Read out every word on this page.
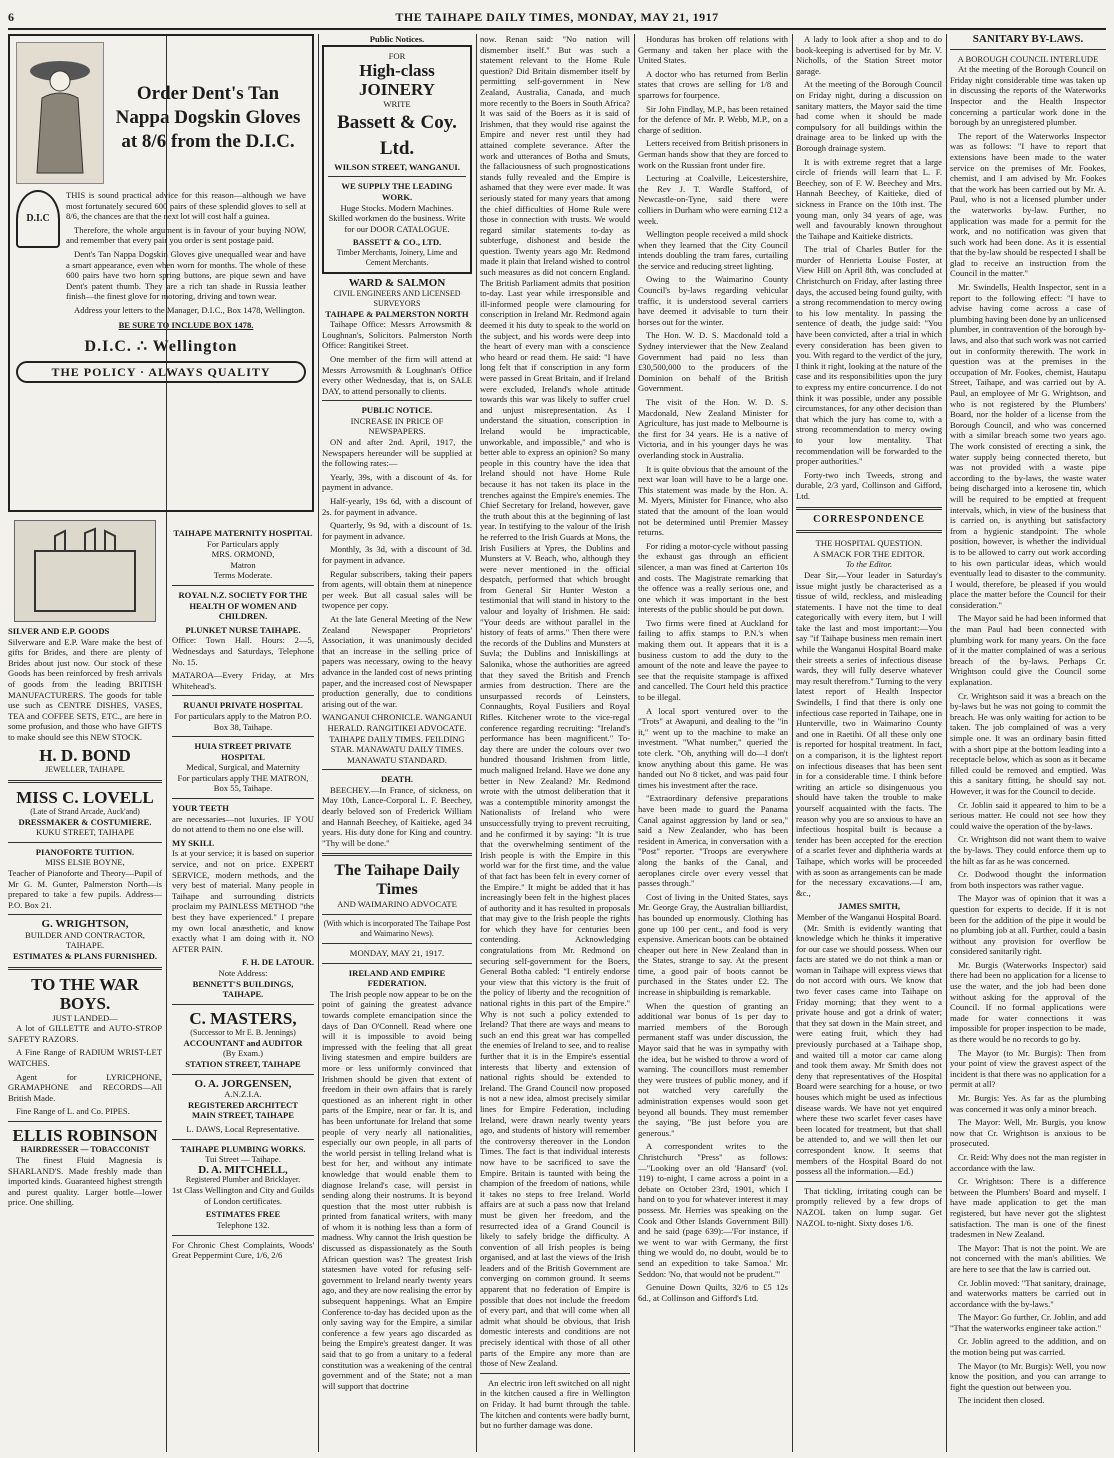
6	THE TAIHAPE DAILY TIMES, MONDAY, MAY 21, 1917
Order Dent's Tan Nappa Dogskin Gloves at 8/6 from the D.I.C.
D.I.C

THIS is sound practical advice for this reason—although we have most fortunately secured 600 pairs of these splendid gloves to sell at 8/6, the chances are that the next lot will cost half a guinea.

Therefore, the whole argument is in favour of your buying NOW, and remember that every pair you order is sent postage paid.

Dent's Tan Nappa Dogskin Gloves give unequalled wear and have a smart appearance, even when worn for months. The whole of these 600 pairs have two horn spring buttons, are pique sewn and have Dent's patent thumb. They are a rich tan shade in Russia leather finish—the finest glove for motoring, driving and town wear.

Address your letters to the Manager, D.I.C., Box 1478, Wellington.

BE SURE TO INCLUDE BOX 1478.
D.I.C. ∴ Wellington
THE POLICY · ALWAYS QUALITY
SILVER AND E.P. GOODS

Silverware and E.P. Ware make the best of gifts for Brides, and there are plenty of Brides about just now. Our stock of these Goods has been reinforced by fresh arrivals of goods from the leading BRITISH MANUFACTURERS. The goods for table use such as CENTRE DISHES, VASES, TEA and COFFEE SETS, ETC., are here in some profusion, and those who have GIFTS to make should see this NEW STOCK.

H. D. BOND
JEWELLER, TAIHAPE.
MISS C. LOVELL
(Late of Strand Arcade, Auck'and)
DRESSMAKER & COSTUMIERE.
KUKU STREET, TAIHAPE
PIANOFORTE TUITION.
MISS ELSIE BOYNE,

Teacher of Pianoforte and Theory—Pupil of Mr G. M. Gunter, Palmerston North—is prepared to take a few pupils. Address—P.O. Box 21.

G. WRIGHTSON,
BUILDER AND CONTRACTOR, TAIHAPE.
ESTIMATES & PLANS FURNISHED.
TO THE WAR BOYS.
JUST LANDED—

A lot of GILLETTE and AUTO-STROP SAFETY RAZORS.

A Fine Range of RADIUM WRIST-LET WATCHES.

Agent for LYRICPHONE, GRAMAPHONE and RECORDS—All British Made.

Fine Range of L. and Co. PIPES.

ELLIS ROBINSON
HAIRDRESSER — TOBACCONIST

The finest Fluid Magnesia is SHARLAND'S. Made freshly made than imported kinds. Guaranteed highest strength and purest quality. Larger bottle—lower price. One shilling.

TAIHAPE MATERNITY HOSPITAL
For Particulars apply
MRS. ORMOND,
Matron
Terms Moderate.
ROYAL N.Z. SOCIETY FOR THE HEALTH OF WOMEN AND CHILDREN.
PLUNKET NURSE TAIHAPE.

Office: Town Hall. Hours: 2—5, Wednesdays and Saturdays, Telephone No. 15.

MATAROA—Every Friday, at Mrs Whitehead's.

RUANUI PRIVATE HOSPITAL

For particulars apply to the Matron P.O. Box 38, Taihape.

HUIA STREET PRIVATE HOSPITAL
Medical, Surgical, and Maternity

For particulars apply THE MATRON, Box 55, Taihape.

YOUR TEETH

are necessaries—not luxuries. IF YOU do not attend to them no one else will.

MY SKILL

Is at your service; it is based on superior service, and not on price. EXPERT SERVICE, modern methods, and the very best of material. Many people in Taihape and surrounding districts proclaim my PAINLESS METHOD "the best they have experienced." I prepare my own local anæsthetic, and know exactly what I am doing with it. NO AFTER PAIN.

F. H. DE LATOUR.
Note Address:
BENNETT'S BUILDINGS, TAIHAPE.
C. MASTERS,
(Successor to Mr E. B. Jennings)
ACCOUNTANT and AUDITOR
(By Exam.)
STATION STREET, TAIHAPE
O. A. JORGENSEN,
A.N.Z.I.A.
REGISTERED ARCHITECT
MAIN STREET, TAIHAPE
L. DAWS, Local Representative.
TAIHAPE PLUMBING WORKS.
Tui Street — Taihape.
D. A. MITCHELL,
Registered Plumber and Bricklayer.

1st Class Wellington and City and Guilds of London certificates.

ESTIMATES FREE
Telephone 132.

For Chronic Chest Complaints, Woods' Great Peppermint Cure, 1/6, 2/6

Public Notices.
FOR
High-class JOINERY
WRITE
Bassett & Coy. Ltd.
WILSON STREET, WANGANUI.
WE SUPPLY THE LEADING WORK.

Huge Stocks. Modern Machines. Skilled workmen do the business. Write for our DOOR CATALOGUE.

BASSETT & CO., LTD.
Timber Merchants, Joinery, Lime and Cement Merchants.
WARD & SALMON
CIVIL ENGINEERS AND LICENSED SURVEYORS
TAIHAPE & PALMERSTON NORTH

Taihape Office: Messrs Arrowsmith & Loughnan's, Solicitors. Palmerston North Office: Rangitikei Street.

One member of the firm will attend at Messrs Arrowsmith & Loughnan's Office every other Wednesday, that is, on SALE DAY, to attend personally to clients.

PUBLIC NOTICE.
INCREASE IN PRICE OF NEWSPAPERS.

ON and after 2nd. April, 1917, the Newspapers hereunder will be supplied at the following rates:—

Yearly, 39s, with a discount of 4s. for payment in advance.

Half-yearly, 19s 6d, with a discount of 2s. for payment in advance.

Quarterly, 9s 9d, with a discount of 1s. for payment in advance.

Monthly, 3s 3d, with a discount of 3d. for payment in advance.

Regular subscribers, taking their papers from agents, will obtain them at ninepence per week. But all casual sales will be twopence per copy.

At the late General Meeting of the New Zealand Newspaper Proprietors' Association, it was unanimously decided that an increase in the selling price of papers was necessary, owing to the heavy advance in the landed cost of news printing paper, and the increased cost of Newspaper production generally, due to conditions arising out of the war.

WANGANUI CHRONICLE. WANGANUI HERALD. RANGITIKEI ADVOCATE. TAIHAPE DAILY TIMES. FEILDING STAR. MANAWATU DAILY TIMES. MANAWATU STANDARD.

DEATH.

BEECHEY.—In France, of sickness, on May 10th, Lance-Corporal L. F. Beechey, dearly beloved son of Frederick William and Hannah Beechey, of Kaitieke, aged 34 years. His duty done for King and country. "Thy will be done."

The Taihape Daily Times
AND WAIMARINO ADVOCATE
(With which is incorporated The Taihape Post and Waimarino News).
MONDAY, MAY 21, 1917.
IRELAND AND EMPIRE FEDERATION.

The Irish people now appear to be on the point of gaining the greatest advance towards complete emancipation since the days of Dan O'Connell. Read where one will it is impossible to avoid being impressed with the feeling that all great living statesmen and empire builders are more or less uniformly convinced that Irishmen should be given that extent of freedom in their own affairs that is rarely questioned as an inherent right in other parts of the Empire, near or far. It is, and has been unfortunate for Ireland that some people of very nearly all nationalities, especially our own people, in all parts of the world persist in telling Ireland what is best for her, and without any intimate knowledge that would enable them to diagnose Ireland's case, will persist in sending along their nostrums. It is beyond question that the most utter rubbish is printed from fanatical writers, with many of whom it is nothing less than a form of madness. Why cannot the Irish question be discussed as dispassionately as the South African question was? The greatest Irish statesmen have voted for refusing self-government to Ireland nearly twenty years ago, and they are now realising the error by subsequent happenings. What an Empire Conference to-day has decided upon as the only saving way for the Empire, a similar conference a few years ago discarded as being the Empire's greatest danger. It was said that to go from a unitary to a federal constitution was a weakening of the central government and of the State; not a man will support that doctrine

now. Renan said: "No nation will dismember itself." But was such a statement relevant to the Home Rule question? Did Britain dismember itself by permitting self-government in New Zealand, Australia, Canada, and much more recently to the Boers in South Africa? It was said of the Boers as it is said of Irishmen, that they would rise against the Empire and never rest until they had attained complete severance. After the work and utterances of Botha and Smuts, the fallaciousness of such prognostications stands fully revealed and the Empire is ashamed that they were ever made. It was seriously stated for many years that among the chief difficulties of Home Rule were those in connection with trusts. We would regard similar statements to-day as subterfuge, dishonest and beside the question. Twenty years ago Mr. Redmond made it plain that Ireland wished to control such measures as did not concern England. The British Parliament admits that position to-day. Last year while irresponsible and ill-informed people were clamouring for conscription in Ireland Mr. Redmond again deemed it his duty to speak to the world on the subject, and his words were deep into the heart of every man with a conscience who heard or read them. He said: "I have long felt that if conscription in any form were passed in Great Britain, and if Ireland were excluded, Ireland's whole attitude towards this war was likely to suffer cruel and unjust misrepresentation. As I understand the situation, conscription in Ireland would be impracticable, unworkable, and impossible," and who is better able to express an opinion? So many people in this country have the idea that Ireland should not have Home Rule because it has not taken its place in the trenches against the Empire's enemies. The Chief Secretary for Ireland, however, gave the truth about this at the beginning of last year. In testifying to the valour of the Irish he referred to the Irish Guards at Mons, the Irish Fusiliers at Ypres, the Dublins and Munsters at V. Beach, who, although they were never mentioned in the official despatch, performed that which brought from General Sir Hunter Weston a testimonial that will stand in history to the valour and loyalty of Irishmen. He said: "Your deeds are without parallel in the history of feats of arms." Then there were the records of the Dublins and Munsters at Suvla; the Dublins and Inniskillings at Salonika, whose the authorities are agreed that they saved the British and French armies from destruction. There are the unsurpassed records of Leinsters, Connaughts, Royal Fusiliers and Royal Rifles. Kitchener wrote to the vice-regal conference regarding recruiting: "Ireland's performance has been magnificent." To-day there are under the colours over two hundred thousand Irishmen from little, much maligned Ireland. Have we done any better in New Zealand? Mr. Redmond wrote with the utmost deliberation that it was a contemptible minority amongst the Nationalists of Ireland who were unsuccessfully trying to prevent recruiting, and he confirmed it by saying: "It is true that the overwhelming sentiment of the Irish people is with the Empire in this world war for the first time, and the value of that fact has been felt in every corner of the Empire." It might be added that it has increasingly been felt in the highest places of authority and it has resulted in proposals that may give to the Irish people the rights for which they have for centuries been contending. Acknowledging congratulations from Mr. Redmond on securing self-government for the Boers, General Botha cabled: "I entirely endorse your view that this victory is the fruit of the policy of liberty and the recognition of national rights in this part of the Empire." Why is not such a policy extended to Ireland? That there are ways and means to such an end this great war has compelled the enemies of Ireland to see, and to realise further that it is in the Empire's essential interests that liberty and extension of national rights should be extended to Ireland. The Grand Council now proposed is not a new idea, almost precisely similar lines for Empire Federation, including Ireland, were drawn nearly twenty years ago, and students of history will remember the controversy thereover in the London Times. The fact is that individual interests now have to be sacrificed to save the Empire. Britain is taunted with being the champion of the freedom of nations, while it takes no steps to free Ireland. World affairs are at such a pass now that Ireland must be given her freedom, and the resurrected idea of a Grand Council is likely to safely bridge the difficulty. A convention of all Irish peoples is being organised, and at last the views of the Irish leaders and of the British Government are converging on common ground. It seems apparent that no federation of Empire is possible that does not include the freedom of every part, and that will come when all admit what should be obvious, that Irish domestic interests and conditions are not precisely identical with those of all other parts of the Empire any more than are those of New Zealand.

An electric iron left switched on all night in the kitchen caused a fire in Wellington on Friday. It had burnt through the table. The kitchen and contents were badly burnt, but no further damage was done.

Honduras has broken off relations with Germany and taken her place with the United States.

A doctor who has returned from Berlin states that crows are selling for 1/8 and sparrows for fourpence.

Sir John Findlay, M.P., has been retained for the defence of Mr. P. Webb, M.P., on a charge of sedition.

Letters received from British prisoners in German hands show that they are forced to work on the Russian front under fire.

Lecturing at Coalville, Leicestershire, the Rev J. T. Wardle Stafford, of Newcastle-on-Tyne, said there were colliers in Durham who were earning £12 a week.

Wellington people received a mild shock when they learned that the City Council intends doubling the tram fares, curtailing the service and reducing street lighting.

Owing to the Waimarino County Council's by-laws regarding vehicular traffic, it is understood several carriers have deemed it advisable to turn their horses out for the winter.

The Hon. W. D. S. Macdonald told a Sydney interviewer that the New Zealand Government had paid no less than £30,500,000 to the producers of the Dominion on behalf of the British Government.

The visit of the Hon. W. D. S. Macdonald, New Zealand Minister for Agriculture, has just made to Melbourne is the first for 34 years. He is a native of Victoria, and in his younger days he was overlanding stock in Australia.

It is quite obvious that the amount of the next war loan will have to be a large one. This statement was made by the Hon. A. M. Myers, Minister for Finance, who also stated that the amount of the loan would not be determined until Premier Massey returns.

For riding a motor-cycle without passing the exhaust gas through an efficient silencer, a man was fined at Carterton 10s and costs. The Magistrate remarking that the offence was a really serious one, and one which it was important in the best interests of the public should be put down.

Two firms were fined at Auckland for failing to affix stamps to P.N.'s when making them out. It appears that it is a business custom to add the duty to the amount of the note and leave the payee to see that the requisite stampage is affixed and cancelled. The Court held this practice to be illegal.

A local sport ventured over to the "Trots" at Awapuni, and dealing to the "in it," went up to the machine to make an investment. "What number," queried the tote clerk. "Oh, anything will do—I don't know anything about this game. He was handed out No 8 ticket, and was paid four times his investment after the race.

"Extraordinary defensive preparations have been made to guard the Panama Canal against aggression by land or sea," said a New Zealander, who has been resident in America, in conversation with a "Post" reporter. "Troops are everywhere along the banks of the Canal, and aeroplanes circle over every vessel that passes through."

Cost of living in the United States, says Mr. George Gray, the Australian billiardist, has bounded up enormously. Clothing has gone up 100 per cent., and food is very expensive. American boots can be obtained cheaper out here in New Zealand than in the States, strange to say. At the present time, a good pair of boots cannot be purchased in the States under £2. The increase in shipbuilding is remarkable.

When the question of granting an additional war bonus of 1s per day to married members of the Borough permanent staff was under discussion, the Mayor said that he was in sympathy with the idea, but he wished to throw a word of warning. The councillors must remember they were trustees of public money, and if not watched very carefully the administration expenses would soon get beyond all bounds. They must remember the saying, "Be just before you are generous."

A correspondent writes to the Christchurch "Press" as follows:—"Looking over an old 'Hansard' (vol. 119) to-night, I came across a point in a debate on October 23rd, 1901, which I hand on to you for whatever interest it may possess. Mr. Herries was speaking on the Cook and Other Islands Government Bill) and he said (page 639):—'For instance, if we went to war with Germany, the first thing we would do, no doubt, would be to send an expedition to take Samoa.' Mr. Seddon: 'No, that would not be prudent.'"

Genuine Down Quilts, 32/6 to £5 12s 6d., at Collinson and Gifford's Ltd.

A lady to look after a shop and to do book-keeping is advertised for by Mr. V. Nicholls, of the Station Street motor garage.

At the meeting of the Borough Council on Friday night, during a discussion on sanitary matters, the Mayor said the time had come when it should be made compulsory for all buildings within the drainage area to be linked up with the Borough drainage system.

It is with extreme regret that a large circle of friends will learn that L. F. Beechey, son of F. W. Beechey and Mrs. Hannah Beechey, of Kaitieke, died of sickness in France on the 10th inst. The young man, only 34 years of age, was well and favourably known throughout the Taihape and Kaitieke districts.

The trial of Charles Butler for the murder of Henrietta Louise Foster, at View Hill on April 8th, was concluded at Christchurch on Friday, after lasting three days, the accused being found guilty, with a strong recommendation to mercy owing to his low mentality. In passing the sentence of death, the judge said: "You have been convicted, after a trial in which every consideration has been given to you. With regard to the verdict of the jury, I think it right, looking at the nature of the case and its responsibilities upon the jury to express my entire concurrence. I do not think it was possible, under any possible circumstances, for any other decision than that which the jury has come to, with a strong recommendation to mercy owing to your low mentality. That recommendation will be forwarded to the proper authorities."

Forty-two inch Tweeds, strong and durable, 2/3 yard, Collinson and Gifford, Ltd.

CORRESPONDENCE
THE HOSPITAL QUESTION.
A SMACK FOR THE EDITOR.
To the Editor.

Dear Sir,—Your leader in Saturday's issue might justly be characterised as a tissue of wild, reckless, and misleading statements. I have not the time to deal categorically with every item, but I will take the last and most important:—You say "if Taihape business men remain inert while the Wanganui Hospital Board make their streets a series of infectious disease wards, they will fully deserve whatever may result therefrom." Turning to the very latest report of Health Inspector Swindells, I find that there is only one infectious case reported in Taihape, one in Hunterville, two in Waimarino County and one in Raetihi. Of all these only one is reported for hospital treatment. In fact, on a comparison, it is the lightest report on infectious diseases that has been sent in for a considerable time. I think before writing an article so disingenuous you should have taken the trouble to make yourself acquainted with the facts. The reason why you are so anxious to have an infectious hospital built is because a tender has been accepted for the erection of a scarlet fever and diphtheria wards at Taihape, which works will be proceeded with as soon as arrangements can be made for the necessary excavations.—I am, &c.,

JAMES SMITH,
Member of the Wanganui Hospital Board.

(Mr. Smith is evidently wanting that knowledge which he thinks it imperative for our case we should possess. When our facts are stated we do not think a man or woman in Taihape will express views that do not accord with ours. We know that two fever cases came into Taihape on Friday morning; that they went to a private house and got a drink of water; that they sat down in the Main street, and were eating fruit, which they had previously purchased at a Taihape shop, and waited till a motor car came along and took them away. Mr Smith does not deny that representatives of the Hospital Board were searching for a house, or two houses which might be used as infectious disease wards. We have not yet enquired where these two scarlet fever cases have been located for treatment, but that shall be attended to, and we will then let our correspondent know. It seems that members of the Hospital Board do not possess all the information.—Ed.)

That tickling, irritating cough can be promptly relieved by a few drops of NAZOL taken on lump sugar. Get NAZOL to-night. Sixty doses 1/6.

SANITARY BY-LAWS.
A BOROUGH COUNCIL INTERLUDE

At the meeting of the Borough Council on Friday night considerable time was taken up in discussing the reports of the Waterworks Inspector and the Health Inspector concerning a particular work done in the borough by an unregistered plumber.

The report of the Waterworks Inspector was as follows: "I have to report that extensions have been made to the water service on the premises of Mr. Fookes, chemist, and I am advised by Mr. Fookes that the work has been carried out by Mr. A. Paul, who is not a licensed plumber under the waterworks by-law. Further, no application was made for a permit for the work, and no notification was given that such work had been done. As it is essential that the by-law should be respected I shall be glad to receive an instruction from the Council in the matter."

Mr. Swindells, Health Inspector, sent in a report to the following effect: "I have to advise having come across a case of plumbing having been done by an unlicensed plumber, in contravention of the borough by-laws, and also that such work was not carried out in conformity therewith. The work in question was at the premises in the occupation of Mr. Fookes, chemist, Hautapu Street, Taihape, and was carried out by A. Paul, an employee of Mr G. Wrightson, and who is not registered by the Plumbers' Board, nor the holder of a license from the Borough Council, and who was concerned with a similar breach some two years ago. The work consisted of erecting a sink, the water supply being connected thereto, but was not provided with a waste pipe according to the by-laws, the waste water being discharged into a kerosene tin, which will be required to be emptied at frequent intervals, which, in view of the business that is carried on, is anything but satisfactory from a hygienic standpoint. The whole position, however, is whether the individual is to be allowed to carry out work according to his own particular ideas, which would eventually lead to disaster to the community. I would, therefore, be pleased if you would place the matter before the Council for their consideration."

The Mayor said he had been informed that the man Paul had been connected with plumbing work for many years. On the face of it the matter complained of was a serious breach of the by-laws. Perhaps Cr. Wrightson could give the Council some explanation.

Cr. Wrightson said it was a breach on the by-laws but he was not going to commit the breach. He was only waiting for action to be taken. The job complained of was a very simple one. It was an ordinary basin fitted with a short pipe at the bottom leading into a receptacle below, which as soon as it became filled could be removed and emptied. Was this a sanitary fitting, he should say not. However, it was for the Council to decide.

Cr. Joblin said it appeared to him to be a serious matter. He could not see how they could waive the operation of the by-laws.

Cr. Wrightson did not want them to waive the by-laws. They could enforce them up to the hilt as far as he was concerned.

Cr. Dodwood thought the information from both inspectors was rather vague.

The Mayor was of opinion that it was a question for experts to decide. If it is not been for the addition of the pipe it would be no plumbing job at all. Further, could a basin without any provision for overflow be considered sanitarily right.

Mr. Burgis (Waterworks Inspector) said there had been no application for a license to use the water, and the job had been done without asking for the approval of the Council. If no formal applications were made for water connections it was impossible for proper inspection to be made, as there would be no records to go by.

The Mayor (to Mr. Burgis): Then from your point of view the gravest aspect of the incident is that there was no application for a permit at all?

Mr. Burgis: Yes. As far as the plumbing was concerned it was only a minor breach.

The Mayor: Well, Mr. Burgis, you know now that Cr. Wrightson is anxious to be prosecuted.

Cr. Reid: Why does not the man register in accordance with the law.

Cr. Wrightson: There is a difference between the Plumbers' Board and myself. I have made application to get the man registered, but have never got the slightest satisfaction. The man is one of the finest tradesmen in New Zealand.

The Mayor: That is not the point. We are not concerned with the man's abilities. We are here to see that the law is carried out.

Cr. Joblin moved: "That sanitary, drainage, and waterworks matters be carried out in accordance with the by-laws."

The Mayor: Go further, Cr. Joblin, and add "That the waterworks engineer take action."

Cr. Joblin agreed to the addition, and on the motion being put was carried.

The Mayor (to Mr. Burgis): Well, you now know the position, and you can arrange to fight the question out between you.

The incident then closed.
